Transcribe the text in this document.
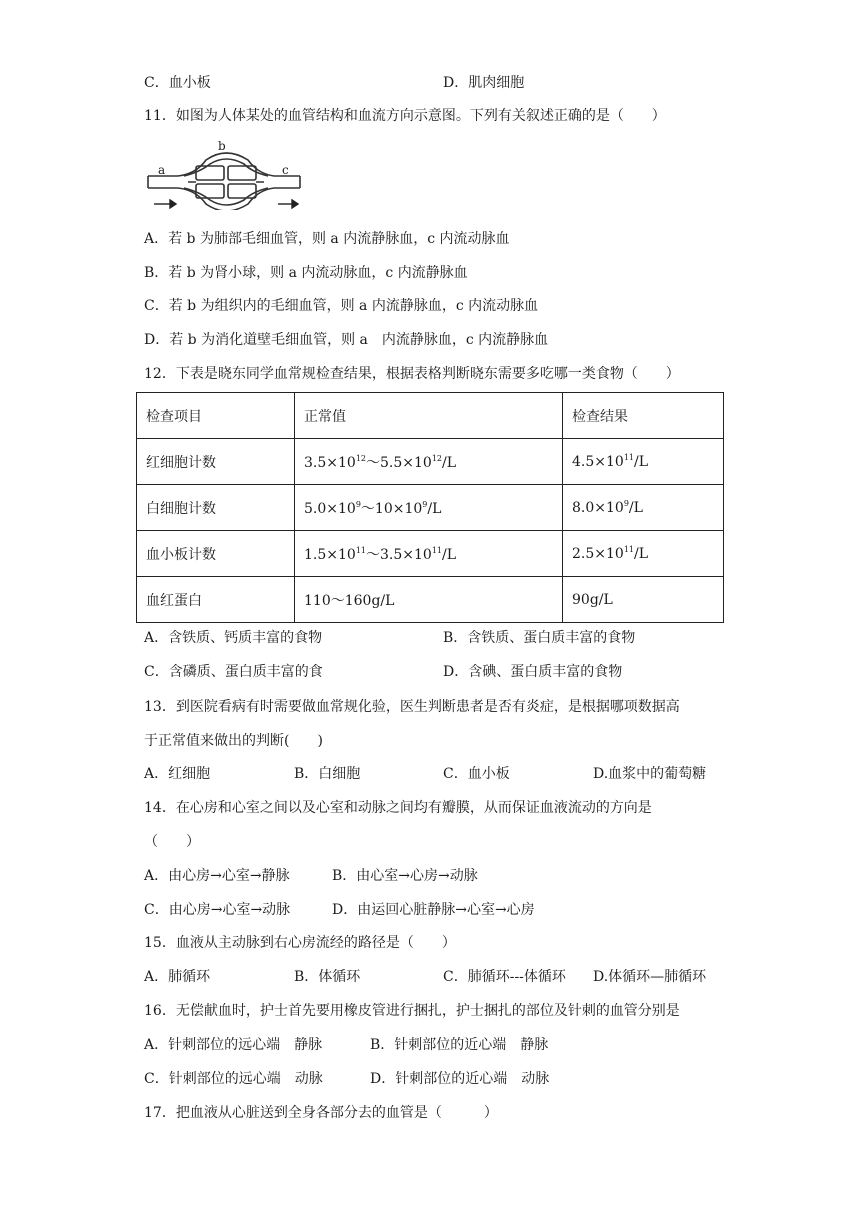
C．血小板	D．肌肉细胞
11．如图为人体某处的血管结构和血流方向示意图。下列有关叙述正确的是（　　）
a
b
c
A．若 b 为肺部毛细血管，则 a 内流静脉血，c 内流动脉血
B．若 b 为肾小球，则 a 内流动脉血，c 内流静脉血
C．若 b 为组织内的毛细血管，则 a 内流静脉血，c 内流动脉血
D．若 b 为消化道壁毛细血管，则 a　内流静脉血，c 内流静脉血
12．下表是晓东同学血常规检查结果，根据表格判断晓东需要多吃哪一类食物（　　）
检查项目	正常值	检查结果
红细胞计数	$3.5\times 10^{12}\sim 5.5\times 10^{12}/L$	$4.5\times 10^{11}/L$
白细胞计数	$5.0\times 10^9\sim 10\times 10^9/L$	$8.0\times 10^9/L$
血小板计数	$1.5\times 10^{11}\sim 3.5\times 10^{11}/L$	$2.5\times 10^{11}/L$
血红蛋白	110～160g/L	90g/L
A．含铁质、钙质丰富的食物	B．含铁质、蛋白质丰富的食物
C．含磷质、蛋白质丰富的食	D．含碘、蛋白质丰富的食物
13．到医院看病有时需要做血常规化验，医生判断患者是否有炎症，是根据哪项数据高
于正常值来做出的判断(　　)
A．红细胞	B．白细胞	C．血小板	D.血浆中的葡萄糖
14．在心房和心室之间以及心室和动脉之间均有瓣膜，从而保证血液流动的方向是
（　　）
A．由心房→心室→静脉	B．由心室→心房→动脉
C．由心房→心室→动脉	D．由运回心脏静脉→心室→心房
15．血液从主动脉到右心房流经的路径是（　　）
A．肺循环	B．体循环	C．肺循环---体循环 D.体循环—肺循环
16．无偿献血时，护士首先要用橡皮管进行捆扎，护士捆扎的部位及针刺的血管分别是
A．针刺部位的远心端　静脉	B．针刺部位的近心端　静脉
C．针刺部位的远心端　动脉	D．针刺部位的近心端　动脉
17．把血液从心脏送到全身各部分去的血管是（　　　）
